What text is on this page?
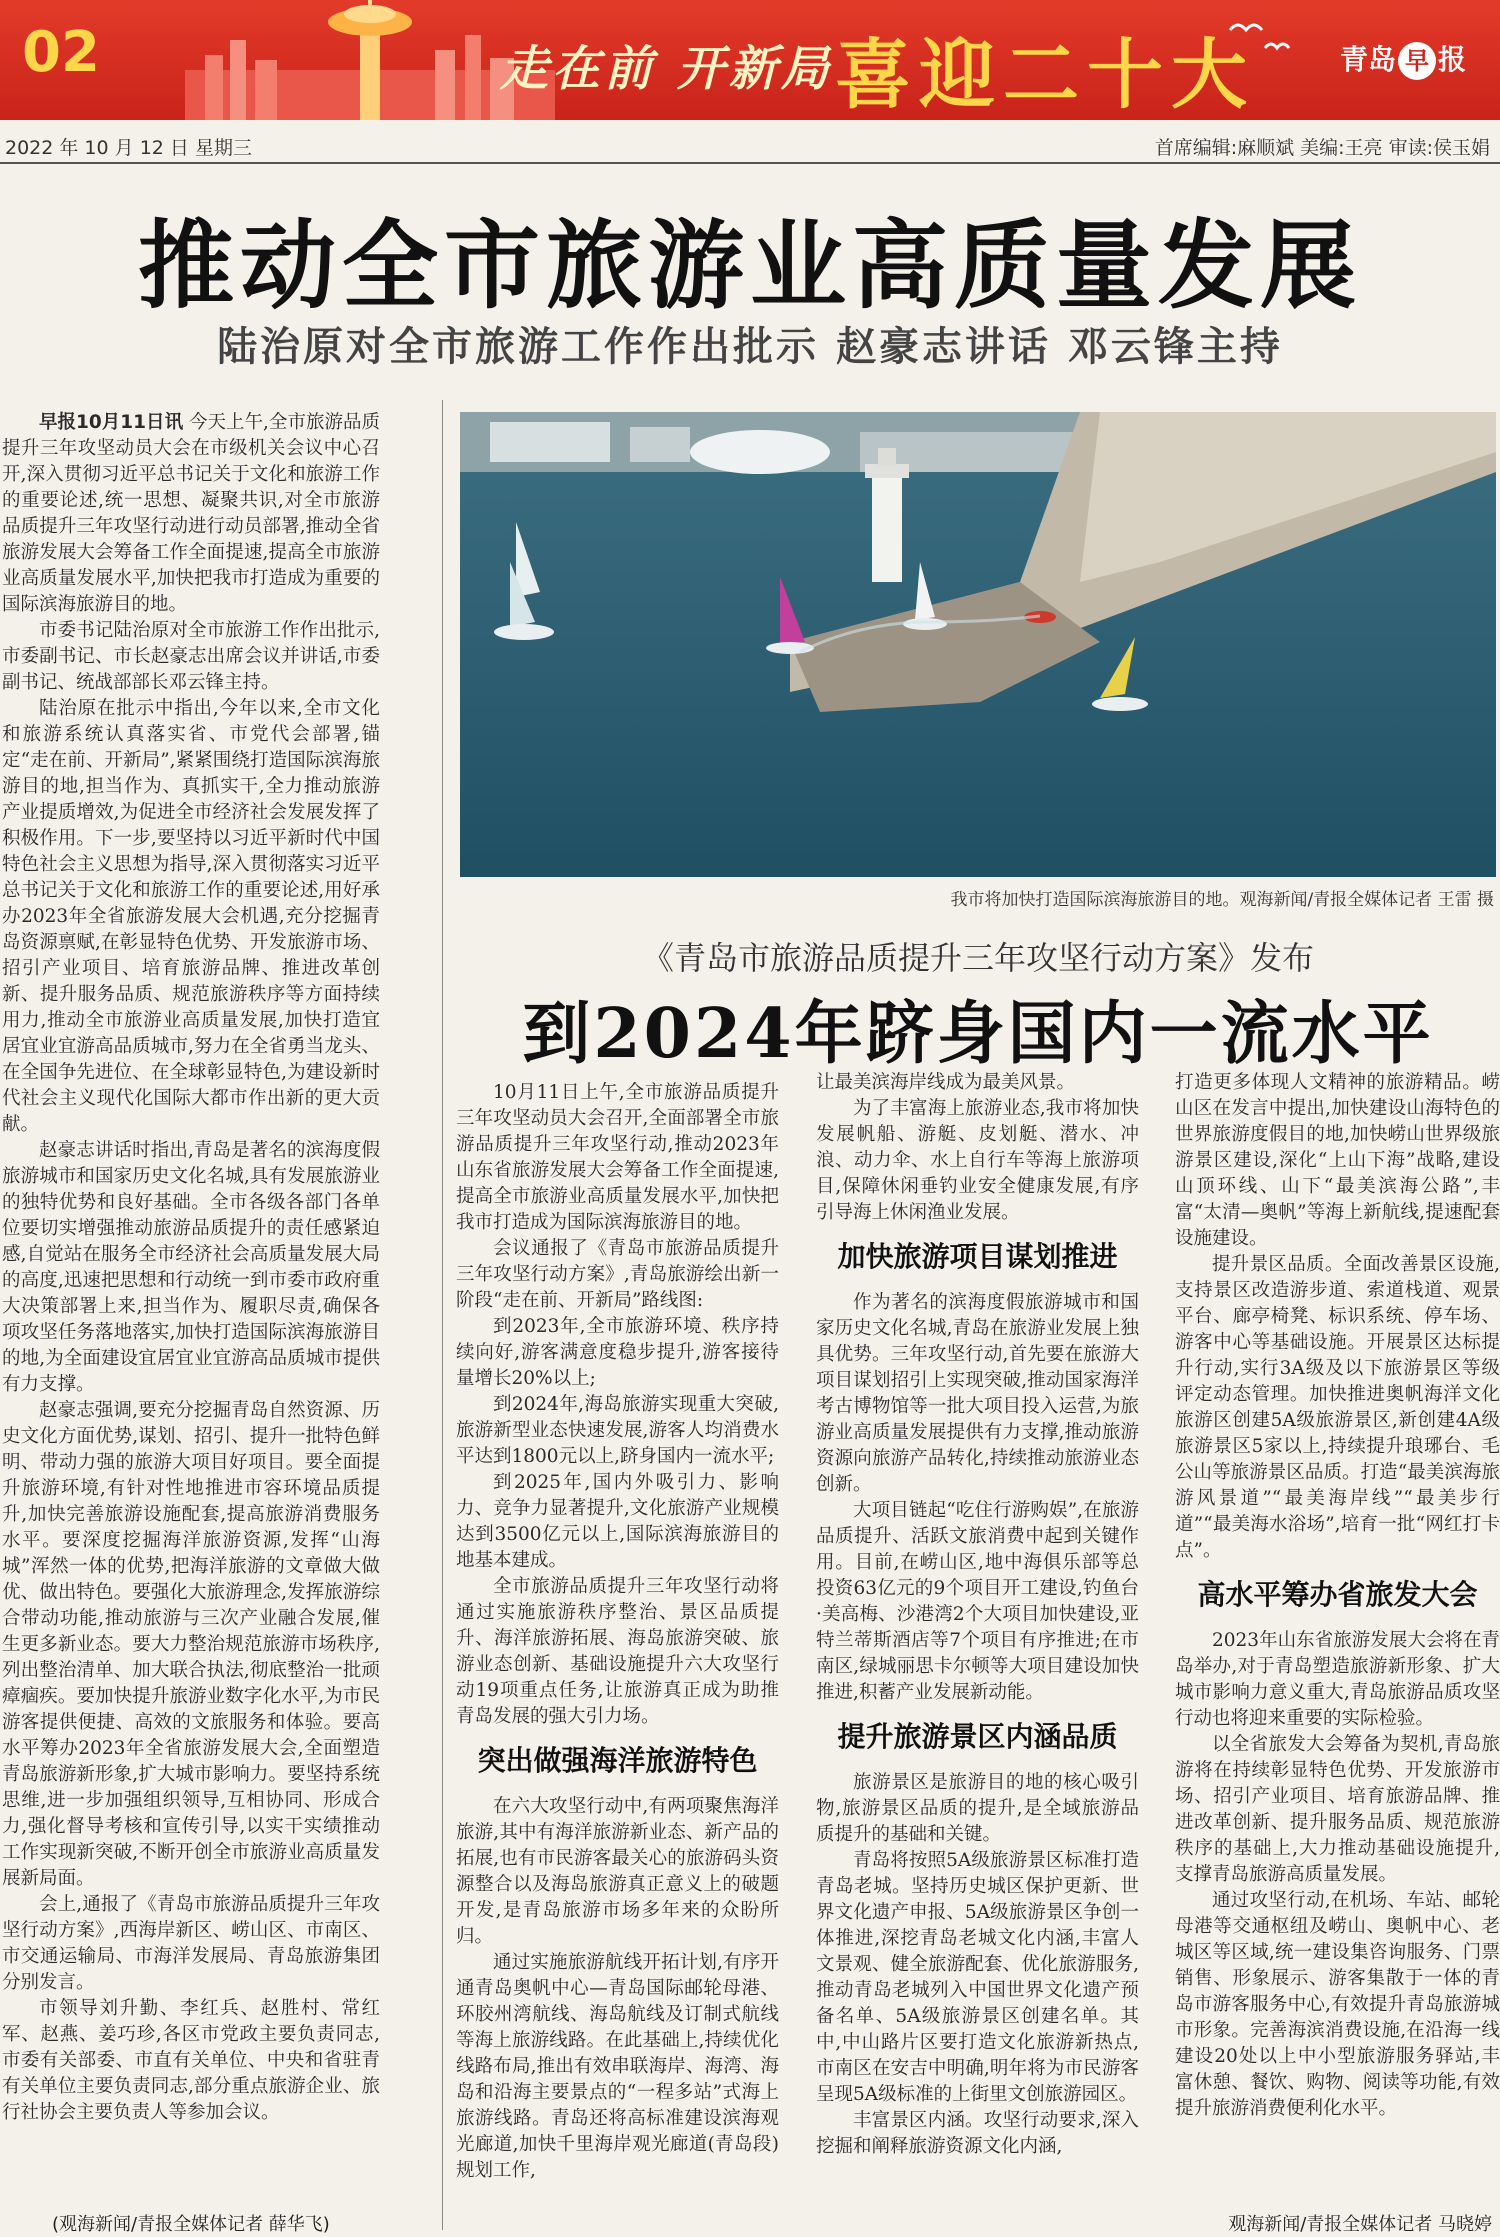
02	走在前 开新局 喜迎二十大	青岛 早 报
2022 年 10 月 12 日 星期三	首席编辑:麻顺斌 美编:王亮 审读:侯玉娟
推动全市旅游业高质量发展
陆治原对全市旅游工作作出批示 赵豪志讲话 邓云锋主持

早报10月11日讯 今天上午,全市旅游品质提升三年攻坚动员大会在市级机关会议中心召开,深入贯彻习近平总书记关于文化和旅游工作的重要论述,统一思想、凝聚共识,对全市旅游品质提升三年攻坚行动进行动员部署,推动全省旅游发展大会筹备工作全面提速,提高全市旅游业高质量发展水平,加快把我市打造成为重要的国际滨海旅游目的地。

市委书记陆治原对全市旅游工作作出批示,市委副书记、市长赵豪志出席会议并讲话,市委副书记、统战部部长邓云锋主持。

陆治原在批示中指出,今年以来,全市文化和旅游系统认真落实省、市党代会部署,锚定“走在前、开新局”,紧紧围绕打造国际滨海旅游目的地,担当作为、真抓实干,全力推动旅游产业提质增效,为促进全市经济社会发展发挥了积极作用。下一步,要坚持以习近平新时代中国特色社会主义思想为指导,深入贯彻落实习近平总书记关于文化和旅游工作的重要论述,用好承办2023年全省旅游发展大会机遇,充分挖掘青岛资源禀赋,在彰显特色优势、开发旅游市场、招引产业项目、培育旅游品牌、推进改革创新、提升服务品质、规范旅游秩序等方面持续用力,推动全市旅游业高质量发展,加快打造宜居宜业宜游高品质城市,努力在全省勇当龙头、在全国争先进位、在全球彰显特色,为建设新时代社会主义现代化国际大都市作出新的更大贡献。

赵豪志讲话时指出,青岛是著名的滨海度假旅游城市和国家历史文化名城,具有发展旅游业的独特优势和良好基础。全市各级各部门各单位要切实增强推动旅游品质提升的责任感紧迫感,自觉站在服务全市经济社会高质量发展大局的高度,迅速把思想和行动统一到市委市政府重大决策部署上来,担当作为、履职尽责,确保各项攻坚任务落地落实,加快打造国际滨海旅游目的地,为全面建设宜居宜业宜游高品质城市提供有力支撑。

赵豪志强调,要充分挖掘青岛自然资源、历史文化方面优势,谋划、招引、提升一批特色鲜明、带动力强的旅游大项目好项目。要全面提升旅游环境,有针对性地推进市容环境品质提升,加快完善旅游设施配套,提高旅游消费服务水平。要深度挖掘海洋旅游资源,发挥“山海城”浑然一体的优势,把海洋旅游的文章做大做优、做出特色。要强化大旅游理念,发挥旅游综合带动功能,推动旅游与三次产业融合发展,催生更多新业态。要大力整治规范旅游市场秩序,列出整治清单、加大联合执法,彻底整治一批顽瘴痼疾。要加快提升旅游业数字化水平,为市民游客提供便捷、高效的文旅服务和体验。要高水平筹办2023年全省旅游发展大会,全面塑造青岛旅游新形象,扩大城市影响力。要坚持系统思维,进一步加强组织领导,互相协同、形成合力,强化督导考核和宣传引导,以实干实绩推动工作实现新突破,不断开创全市旅游业高质量发展新局面。

会上,通报了《青岛市旅游品质提升三年攻坚行动方案》,西海岸新区、崂山区、市南区、市交通运输局、市海洋发展局、青岛旅游集团分别发言。

市领导刘升勤、李红兵、赵胜村、常红军、赵燕、姜巧珍,各区市党政主要负责同志,市委有关部委、市直有关单位、中央和省驻青有关单位主要负责同志,部分重点旅游企业、旅行社协会主要负责人等参加会议。

(观海新闻/青报全媒体记者 薛华飞)
我市将加快打造国际滨海旅游目的地。观海新闻/青报全媒体记者 王雷 摄
《青岛市旅游品质提升三年攻坚行动方案》发布
到2024年跻身国内一流水平

10月11日上午,全市旅游品质提升三年攻坚动员大会召开,全面部署全市旅游品质提升三年攻坚行动,推动2023年山东省旅游发展大会筹备工作全面提速,提高全市旅游业高质量发展水平,加快把我市打造成为国际滨海旅游目的地。

会议通报了《青岛市旅游品质提升三年攻坚行动方案》,青岛旅游绘出新一阶段“走在前、开新局”路线图:

到2023年,全市旅游环境、秩序持续向好,游客满意度稳步提升,游客接待量增长20%以上;

到2024年,海岛旅游实现重大突破,旅游新型业态快速发展,游客人均消费水平达到1800元以上,跻身国内一流水平;

到2025年,国内外吸引力、影响力、竞争力显著提升,文化旅游产业规模达到3500亿元以上,国际滨海旅游目的地基本建成。

全市旅游品质提升三年攻坚行动将通过实施旅游秩序整治、景区品质提升、海洋旅游拓展、海岛旅游突破、旅游业态创新、基础设施提升六大攻坚行动19项重点任务,让旅游真正成为助推青岛发展的强大引力场。

突出做强海洋旅游特色

在六大攻坚行动中,有两项聚焦海洋旅游,其中有海洋旅游新业态、新产品的拓展,也有市民游客最关心的旅游码头资源整合以及海岛旅游真正意义上的破题开发,是青岛旅游市场多年来的众盼所归。

通过实施旅游航线开拓计划,有序开通青岛奥帆中心—青岛国际邮轮母港、环胶州湾航线、海岛航线及订制式航线等海上旅游线路。在此基础上,持续优化线路布局,推出有效串联海岸、海湾、海岛和沿海主要景点的“一程多站”式海上旅游线路。青岛还将高标准建设滨海观光廊道,加快千里海岸观光廊道(青岛段)规划工作,

让最美滨海岸线成为最美风景。

为了丰富海上旅游业态,我市将加快发展帆船、游艇、皮划艇、潜水、冲浪、动力伞、水上自行车等海上旅游项目,保障休闲垂钓业安全健康发展,有序引导海上休闲渔业发展。

加快旅游项目谋划推进

作为著名的滨海度假旅游城市和国家历史文化名城,青岛在旅游业发展上独具优势。三年攻坚行动,首先要在旅游大项目谋划招引上实现突破,推动国家海洋考古博物馆等一批大项目投入运营,为旅游业高质量发展提供有力支撑,推动旅游资源向旅游产品转化,持续推动旅游业态创新。

大项目链起“吃住行游购娱”,在旅游品质提升、活跃文旅消费中起到关键作用。目前,在崂山区,地中海俱乐部等总投资63亿元的9个项目开工建设,钓鱼台·美高梅、沙港湾2个大项目加快建设,亚特兰蒂斯酒店等7个项目有序推进;在市南区,绿城丽思卡尔顿等大项目建设加快推进,积蓄产业发展新动能。

提升旅游景区内涵品质

旅游景区是旅游目的地的核心吸引物,旅游景区品质的提升,是全域旅游品质提升的基础和关键。

青岛将按照5A级旅游景区标准打造青岛老城。坚持历史城区保护更新、世界文化遗产申报、5A级旅游景区争创一体推进,深挖青岛老城文化内涵,丰富人文景观、健全旅游配套、优化旅游服务,推动青岛老城列入中国世界文化遗产预备名单、5A级旅游景区创建名单。其中,中山路片区要打造文化旅游新热点,市南区在安吉中明确,明年将为市民游客呈现5A级标准的上街里文创旅游园区。

丰富景区内涵。攻坚行动要求,深入挖掘和阐释旅游资源文化内涵,

打造更多体现人文精神的旅游精品。崂山区在发言中提出,加快建设山海特色的世界旅游度假目的地,加快崂山世界级旅游景区建设,深化“上山下海”战略,建设山顶环线、山下“最美滨海公路”,丰富“太清—奥帆”等海上新航线,提速配套设施建设。

提升景区品质。全面改善景区设施,支持景区改造游步道、索道栈道、观景平台、廊亭椅凳、标识系统、停车场、游客中心等基础设施。开展景区达标提升行动,实行3A级及以下旅游景区等级评定动态管理。加快推进奥帆海洋文化旅游区创建5A级旅游景区,新创建4A级旅游景区5家以上,持续提升琅琊台、毛公山等旅游景区品质。打造“最美滨海旅游风景道”“最美海岸线”“最美步行道”“最美海水浴场”,培育一批“网红打卡点”。

高水平筹办省旅发大会

2023年山东省旅游发展大会将在青岛举办,对于青岛塑造旅游新形象、扩大城市影响力意义重大,青岛旅游品质攻坚行动也将迎来重要的实际检验。

以全省旅发大会筹备为契机,青岛旅游将在持续彰显特色优势、开发旅游市场、招引产业项目、培育旅游品牌、推进改革创新、提升服务品质、规范旅游秩序的基础上,大力推动基础设施提升,支撑青岛旅游高质量发展。

通过攻坚行动,在机场、车站、邮轮母港等交通枢纽及崂山、奥帆中心、老城区等区域,统一建设集咨询服务、门票销售、形象展示、游客集散于一体的青岛市游客服务中心,有效提升青岛旅游城市形象。完善海滨消费设施,在沿海一线建设20处以上中小型旅游服务驿站,丰富休憩、餐饮、购物、阅读等功能,有效提升旅游消费便利化水平。

观海新闻/青报全媒体记者 马晓婷
